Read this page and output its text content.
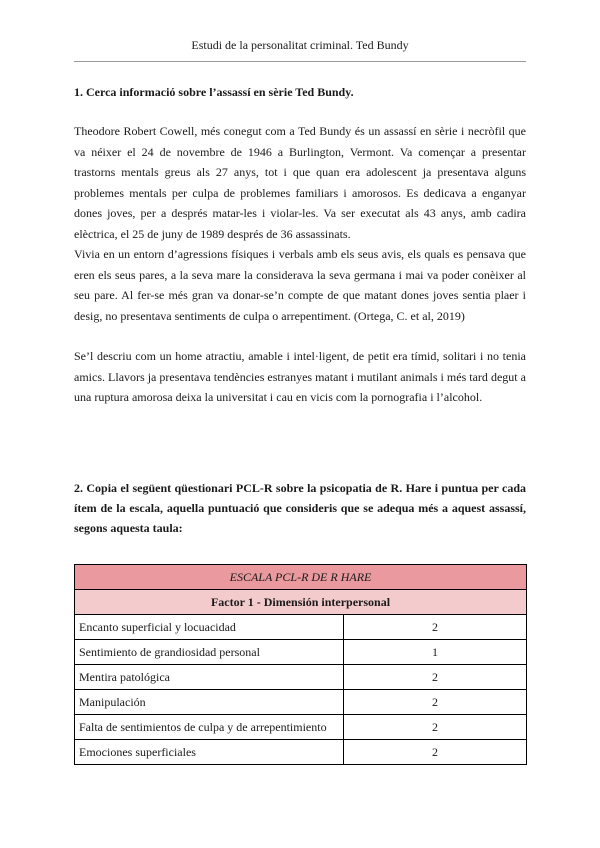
Estudi de la personalitat criminal. Ted Bundy
1. Cerca informació sobre l’assassí en sèrie Ted Bundy.
Theodore Robert Cowell, més conegut com a Ted Bundy és un assassí en sèrie i necròfil que va néixer el 24 de novembre de 1946 a Burlington, Vermont. Va començar a presentar trastorns mentals greus als 27 anys, tot i que quan era adolescent ja presentava alguns problemes mentals per culpa de problemes familiars i amorosos. Es dedicava a enganyar dones joves, per a després matar-les i violar-les. Va ser executat als 43 anys, amb cadira elèctrica, el 25 de juny de 1989 després de 36 assassinats.
Vivia en un entorn d’agressions físiques i verbals amb els seus avis, els quals es pensava que eren els seus pares, a la seva mare la considerava la seva germana i mai va poder conèixer al seu pare. Al fer-se més gran va donar-se’n compte de que matant dones joves sentia plaer i desig, no presentava sentiments de culpa o arrepentiment. (Ortega, C. et al, 2019)
Se’l descriu com un home atractiu, amable i intel·ligent, de petit era tímid, solitari i no tenia amics. Llavors ja presentava tendències estranyes matant i mutilant animals i més tard degut a una ruptura amorosa deixa la universitat i cau en vicis com la pornografia i l’alcohol.
2. Copia el següent qüestionari PCL-R sobre la psicopatia de R. Hare i puntua per cada ítem de la escala, aquella puntuació que consideris que se adequa més a aquest assassí, segons aquesta taula:
ESCALA PCL-R DE R HARE	
Factor 1 - Dimensión interpersonal	
Encanto superficial y locuacidad	2
Sentimiento de grandiosidad personal	1
Mentira patológica	2
Manipulación	2
Falta de sentimientos de culpa y de arrepentimiento	2
Emociones superficiales	2
